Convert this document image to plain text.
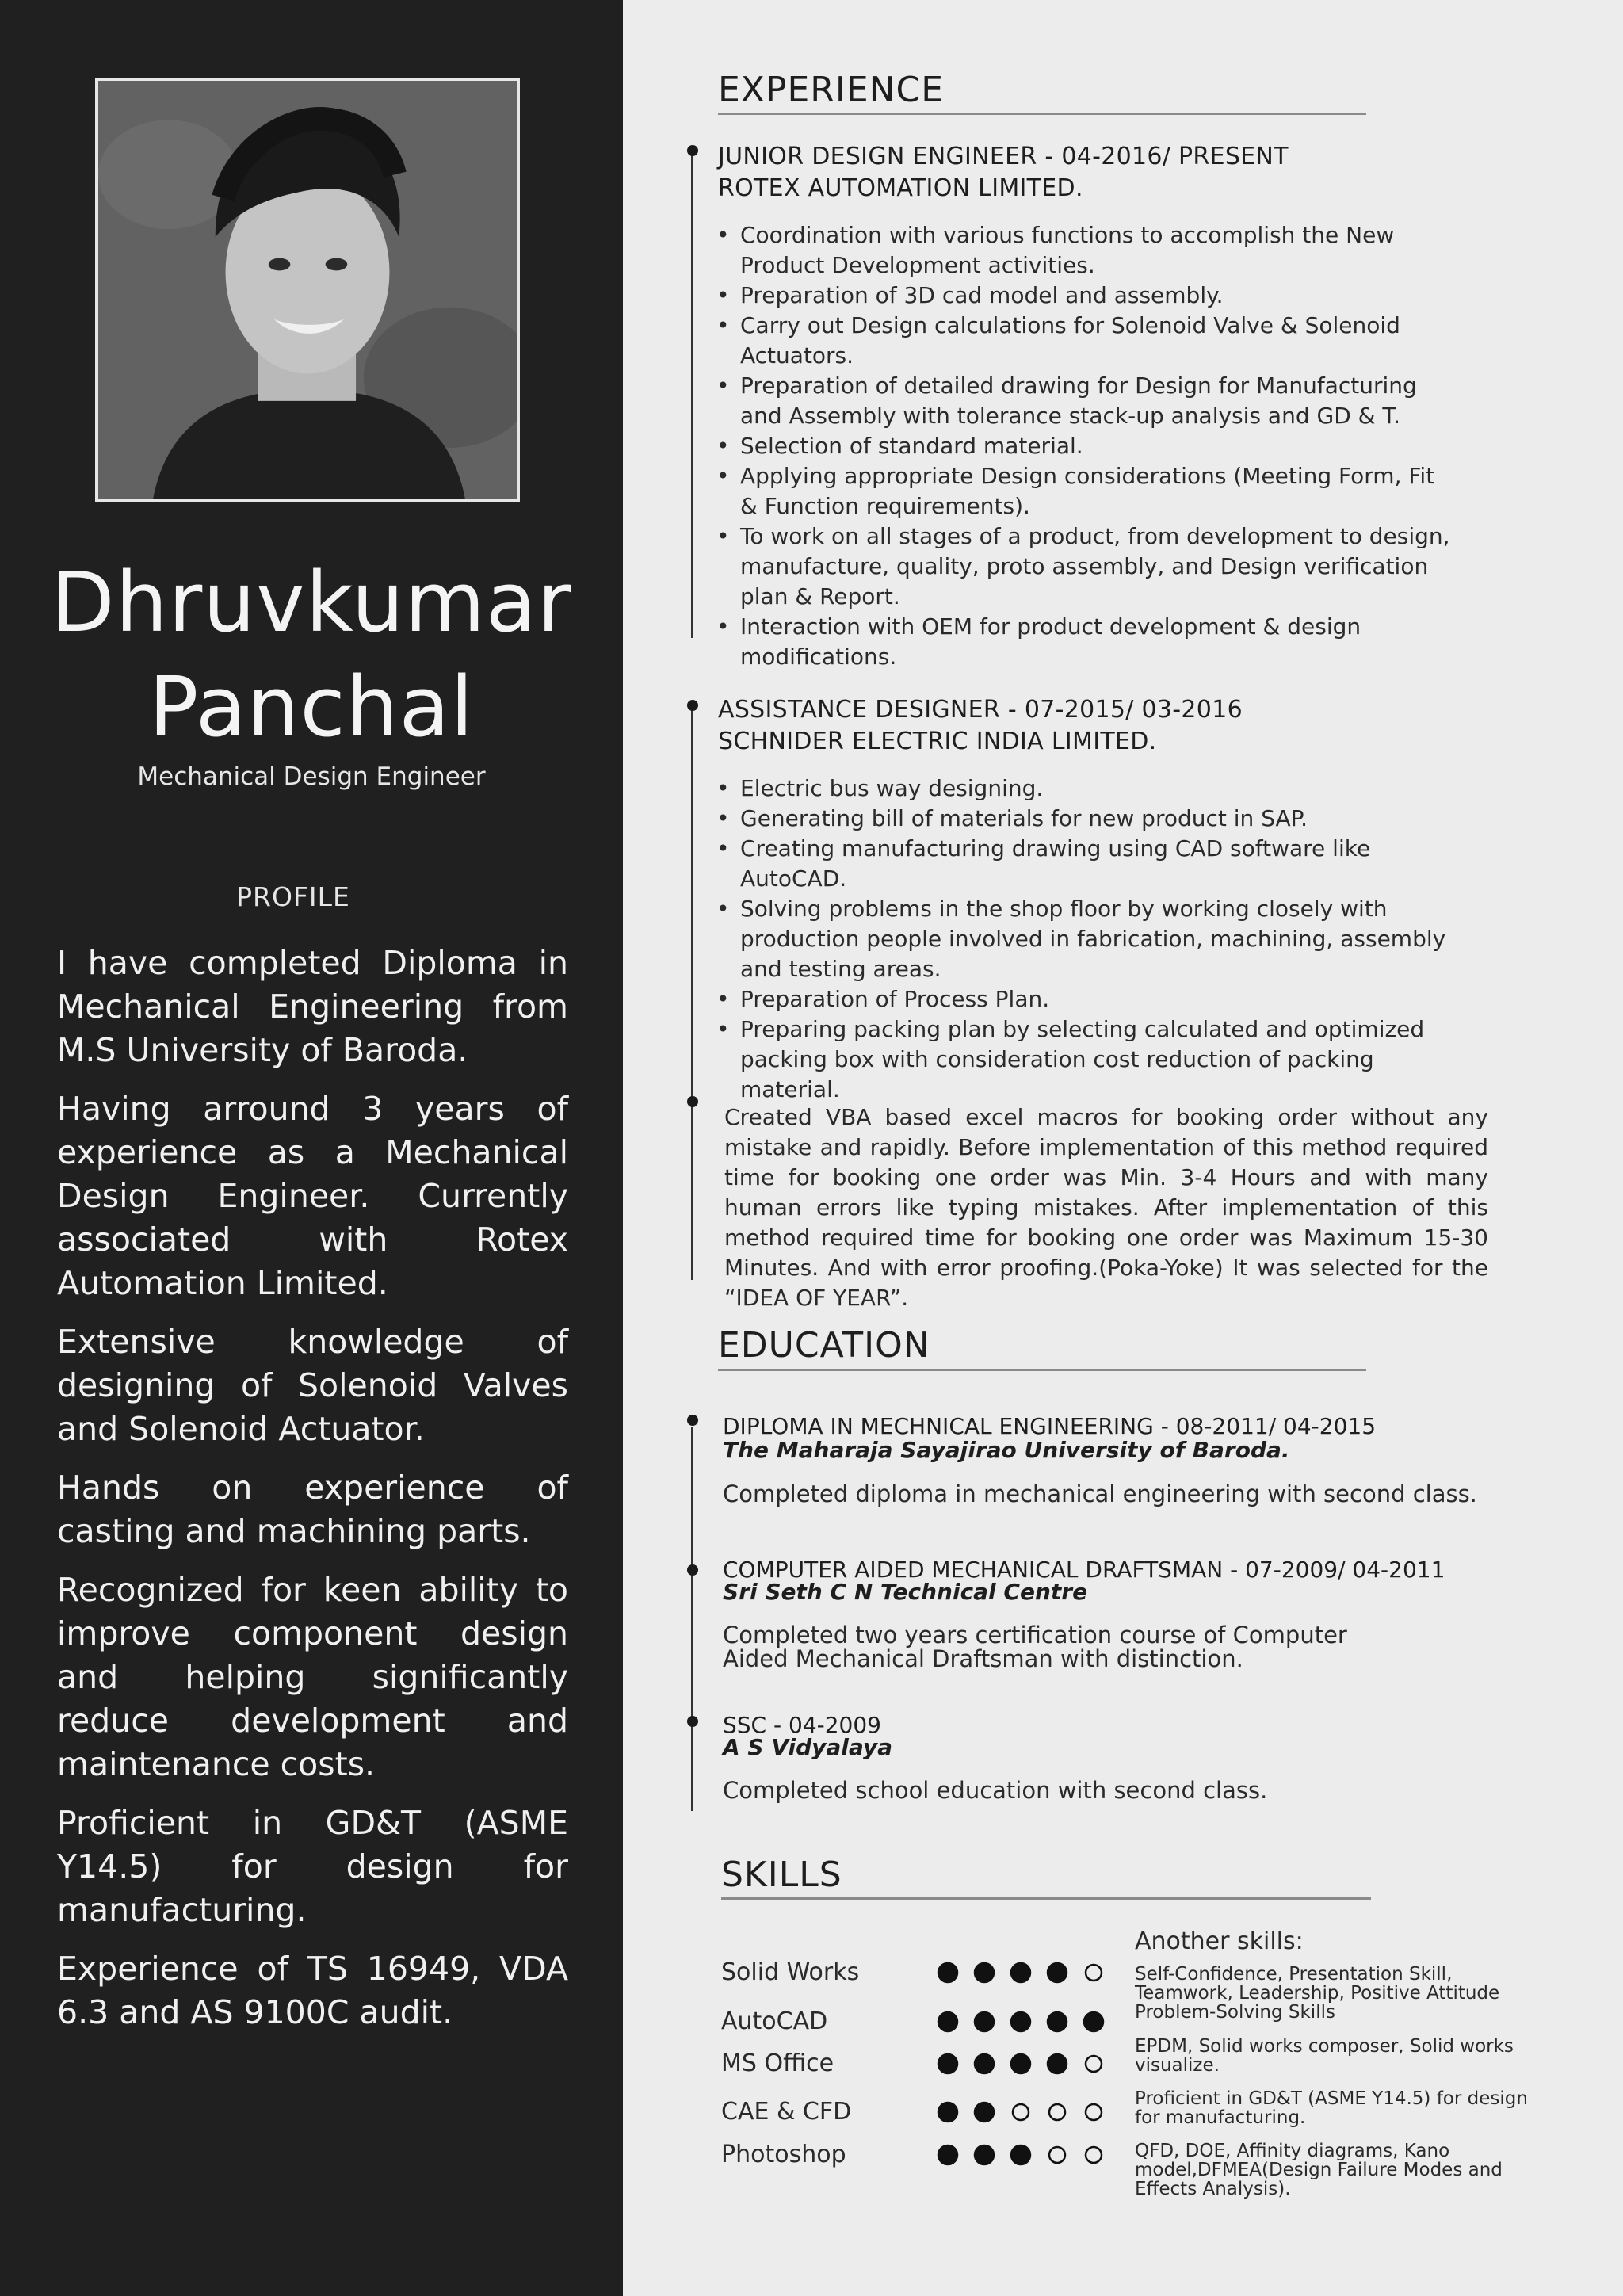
Dhruvkumar
Panchal
Mechanical Design Engineer
PROFILE

I have completed Diploma in Mechanical Engineering from M.S University of Baroda.

Having arround 3 years of experience as a Mechanical Design Engineer. Currently associated with Rotex Automation Limited.

Extensive knowledge of designing of Solenoid Valves and Solenoid Actuator.

Hands on experience of casting and machining parts.

Recognized for keen ability to improve component design and helping significantly reduce development and maintenance costs.

Proficient in GD&T (ASME Y14.5) for design for manufacturing.

Experience of TS 16949, VDA 6.3 and AS 9100C audit.

EXPERIENCE
JUNIOR DESIGN ENGINEER - 04-2016/ PRESENT
ROTEX AUTOMATION LIMITED.
• Coordination with various functions to accomplish the New Product Development activities.
• Preparation of 3D cad model and assembly.
• Carry out Design calculations for Solenoid Valve & Solenoid Actuators.
• Preparation of detailed drawing for Design for Manufacturing and Assembly with tolerance stack-up analysis and GD & T.
• Selection of standard material.
• Applying appropriate Design considerations (Meeting Form, Fit & Function requirements).
• To work on all stages of a product, from development to design, manufacture, quality, proto assembly, and Design verification plan & Report.
• Interaction with OEM for product development & design modifications.
ASSISTANCE DESIGNER - 07-2015/ 03-2016
SCHNIDER ELECTRIC INDIA LIMITED.
• Electric bus way designing.
• Generating bill of materials for new product in SAP.
• Creating manufacturing drawing using CAD software like AutoCAD.
• Solving problems in the shop floor by working closely with production people involved in fabrication, machining, assembly and testing areas.
• Preparation of Process Plan.
• Preparing packing plan by selecting calculated and optimized packing box with consideration cost reduction of packing material.
Created VBA based excel macros for booking order without any mistake and rapidly. Before implementation of this method required time for booking one order was Min. 3-4 Hours and with many human errors like typing mistakes. After implementation of this method required time for booking one order was Maximum 15-30 Minutes. And with error proofing.(Poka-Yoke) It was selected for the “IDEA OF YEAR”.
EDUCATION
DIPLOMA IN MECHNICAL ENGINEERING - 08-2011/ 04-2015
The Maharaja Sayajirao University of Baroda.
Completed diploma in mechanical engineering with second class.
COMPUTER AIDED MECHANICAL DRAFTSMAN - 07-2009/ 04-2011
Sri Seth C N Technical Centre
Completed two years certification course of Computer Aided Mechanical Draftsman with distinction.
SSC - 04-2009
A S Vidyalaya
Completed school education with second class.
SKILLS
Solid Works
AutoCAD
MS Office
CAE & CFD
Photoshop
Another skills:
Self-Confidence, Presentation Skill, Teamwork, Leadership, Positive Attitude Problem-Solving Skills
EPDM, Solid works composer, Solid works visualize.
Proficient in GD&T (ASME Y14.5) for design for manufacturing.
QFD, DOE, Affinity diagrams, Kano model,DFMEA(Design Failure Modes and Effects Analysis).
